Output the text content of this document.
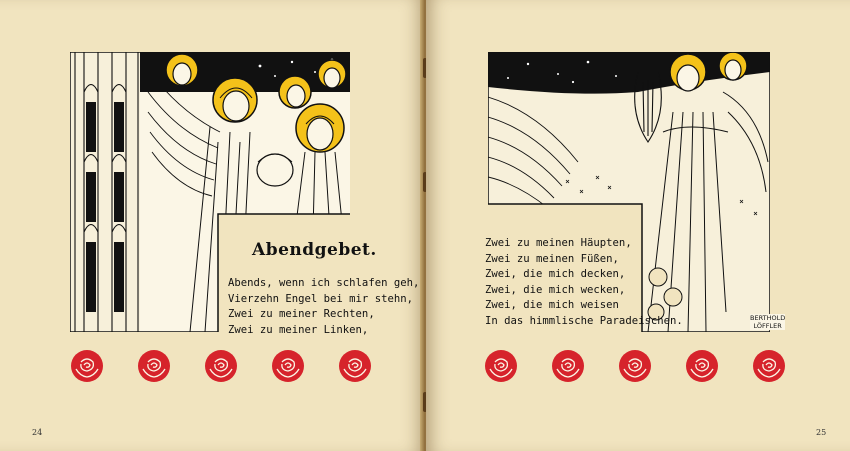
Abendgebet.
Abends, wenn ich schlafen geh,
Vierzehn Engel bei mir stehn,
Zwei zu meiner Rechten,
Zwei zu meiner Linken,
24
Zwei zu meinen Häupten,
Zwei zu meinen Füßen,
Zwei, die mich decken,
Zwei, die mich wecken,
Zwei, die mich weisen
In das himmlische Paradeischen.	BERTHOLD
LÖFFLER
25
